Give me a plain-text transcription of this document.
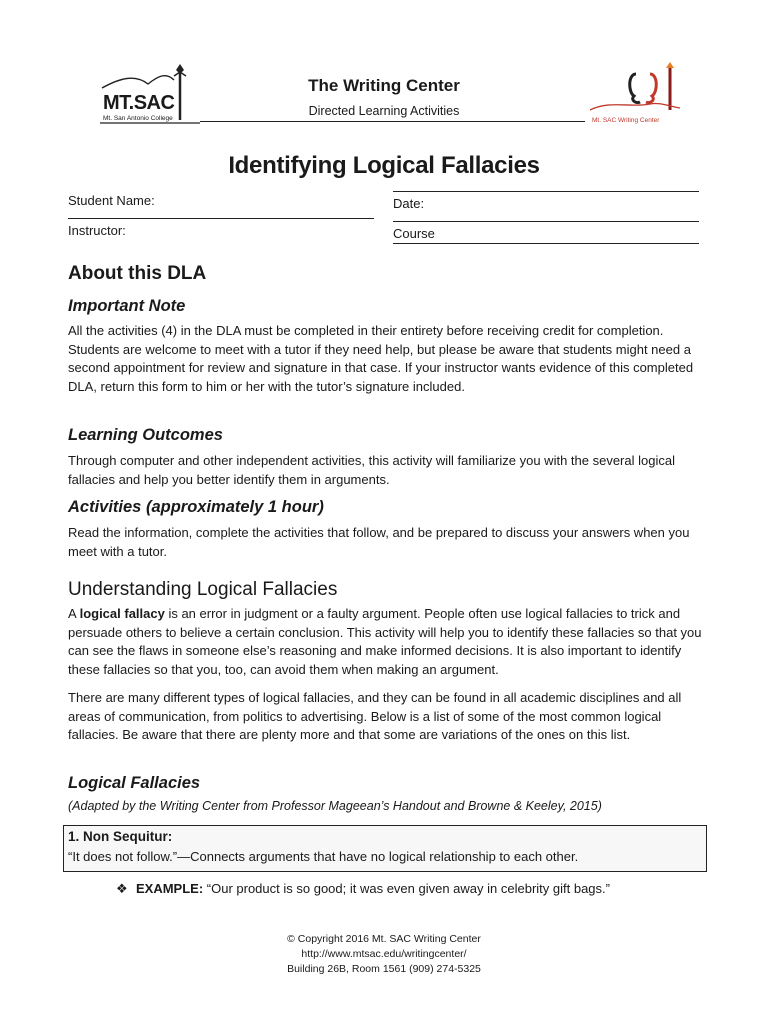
MT.SAC
Mt. San Antonio College
The Writing Center
Directed Learning Activities
Mt. SAC Writing Center
Identifying Logical Fallacies
Student Name:
Instructor:
Date:
Course
About this DLA
Important Note
All the activities (4) in the DLA must be completed in their entirety before receiving credit for completion. Students are welcome to meet with a tutor if they need help, but please be aware that students might need a second appointment for review and signature in that case. If your instructor wants evidence of this completed DLA, return this form to him or her with the tutor’s signature included.
Learning Outcomes
Through computer and other independent activities, this activity will familiarize you with the several logical fallacies and help you better identify them in arguments.
Activities (approximately 1 hour)
Read the information, complete the activities that follow, and be prepared to discuss your answers when you meet with a tutor.
Understanding Logical Fallacies
A logical fallacy is an error in judgment or a faulty argument. People often use logical fallacies to trick and persuade others to believe a certain conclusion. This activity will help you to identify these fallacies so that you can see the flaws in someone else’s reasoning and make informed decisions. It is also important to identify these fallacies so that you, too, can avoid them when making an argument.
There are many different types of logical fallacies, and they can be found in all academic disciplines and all areas of communication, from politics to advertising. Below is a list of some of the most common logical fallacies. Be aware that there are plenty more and that some are variations of the ones on this list.
Logical Fallacies
(Adapted by the Writing Center from Professor Mageean’s Handout and Browne & Keeley, 2015)
1. Non Sequitur:
“It does not follow.”—Connects arguments that have no logical relationship to each other.
❖ EXAMPLE: “Our product is so good; it was even given away in celebrity gift bags.”
© Copyright 2016 Mt. SAC Writing Center
http://www.mtsac.edu/writingcenter/
Building 26B, Room 1561 (909) 274-5325
